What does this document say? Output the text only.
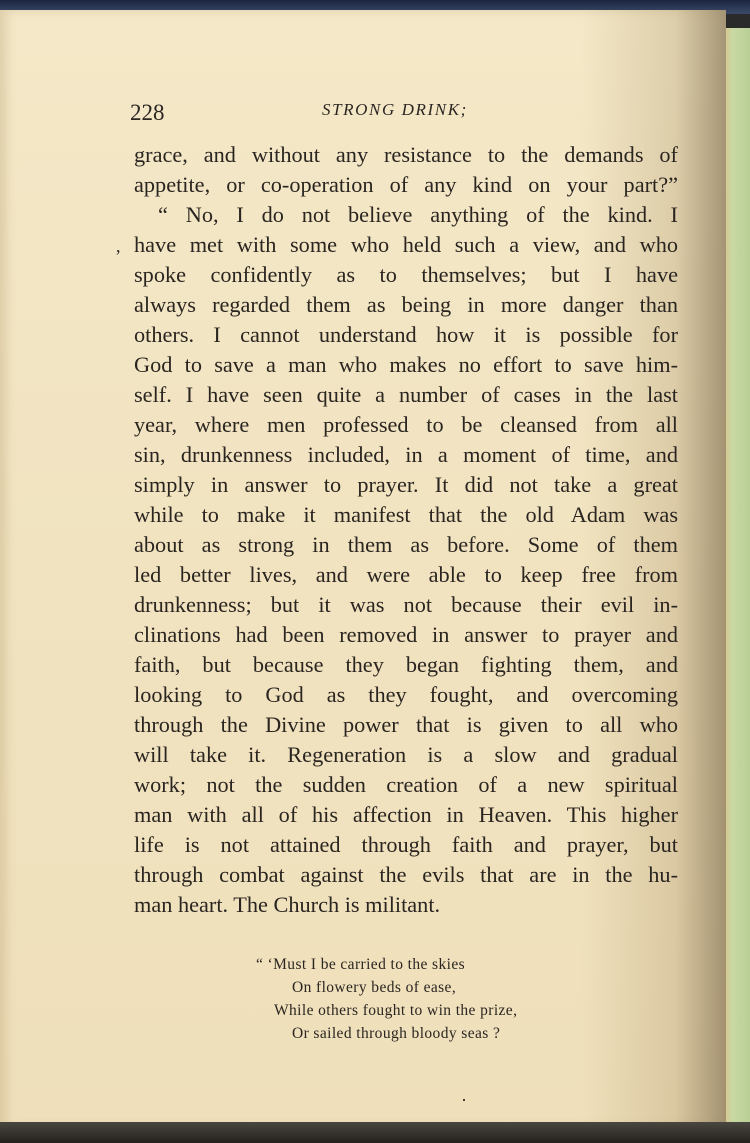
228	STRONG DRINK;
grace, and without any resistance to the demands of
appetite, or co-operation of any kind on your part?”
“ No, I do not believe anything of the kind. I
have met with some who held such a view, and who
spoke confidently as to themselves; but I have
always regarded them as being in more danger than
others. I cannot understand how it is possible for
God to save a man who makes no effort to save him-
self. I have seen quite a number of cases in the last
year, where men professed to be cleansed from all
sin, drunkenness included, in a moment of time, and
simply in answer to prayer. It did not take a great
while to make it manifest that the old Adam was
about as strong in them as before. Some of them
led better lives, and were able to keep free from
drunkenness; but it was not because their evil in-
clinations had been removed in answer to prayer and
faith, but because they began fighting them, and
looking to God as they fought, and overcoming
through the Divine power that is given to all who
will take it. Regeneration is a slow and gradual
work; not the sudden creation of a new spiritual
man with all of his affection in Heaven. This higher
life is not attained through faith and prayer, but
through combat against the evils that are in the hu-
man heart. The Church is militant.
“ ‘Must I be carried to the skies
On flowery beds of ease,
While others fought to win the prize,
Or sailed through bloody seas ?
,
·
